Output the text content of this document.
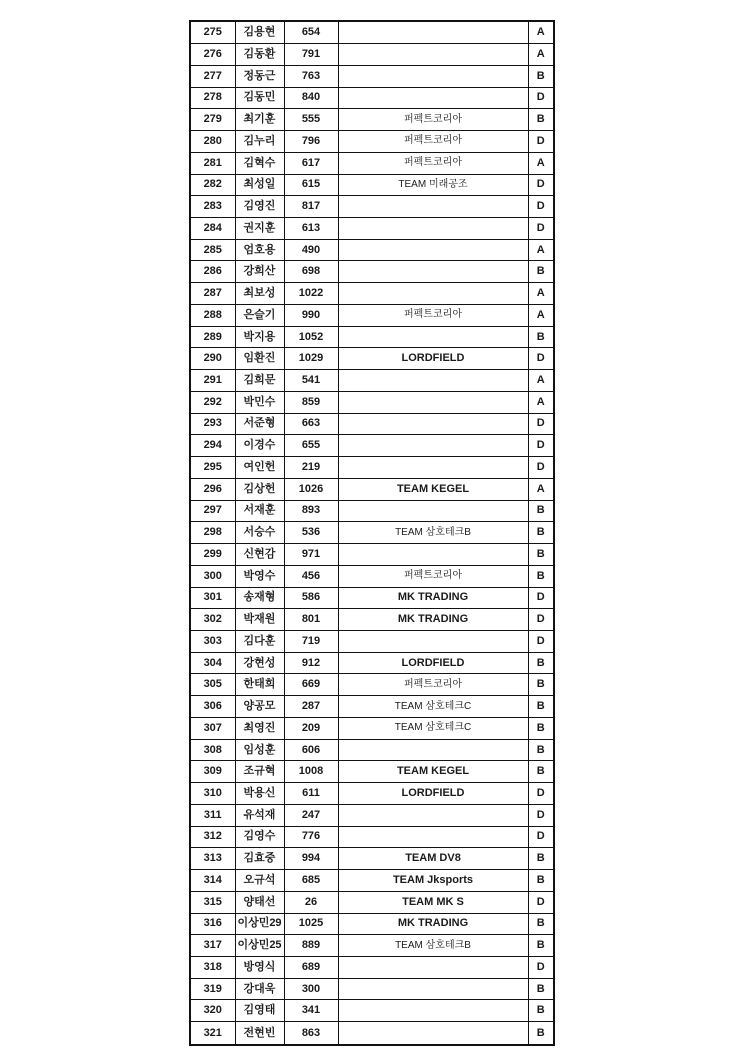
275	김용현	654		A
276	김동환	791		A
277	정동근	763		B
278	김동민	840		D
279	최기훈	555	퍼펙트코리아	B
280	김누리	796	퍼펙트코리아	D
281	김혁수	617	퍼펙트코리아	A
282	최성일	615	TEAM 미래공조	D
283	김영진	817		D
284	권지훈	613		D
285	엄호용	490		A
286	강희산	698		B
287	최보성	1022		A
288	은슬기	990	퍼펙트코리아	A
289	박지용	1052		B
290	임환진	1029	LORDFIELD	D
291	김희문	541		A
292	박민수	859		A
293	서준형	663		D
294	이경수	655		D
295	여인헌	219		D
296	김상헌	1026	TEAM KEGEL	A
297	서재훈	893		B
298	서승수	536	TEAM 삼호테크B	B
299	신현감	971		B
300	박영수	456	퍼펙트코리아	B
301	송재형	586	MK TRADING	D
302	박재원	801	MK TRADING	D
303	김다훈	719		D
304	강현성	912	LORDFIELD	B
305	한태희	669	퍼펙트코리아	B
306	양공모	287	TEAM 삼호테크C	B
307	최영진	209	TEAM 삼호테크C	B
308	임성훈	606		B
309	조규혁	1008	TEAM KEGEL	B
310	박용신	611	LORDFIELD	D
311	유석재	247		D
312	김영수	776		D
313	김효중	994	TEAM DV8	B
314	오규석	685	TEAM Jksports	B
315	양태선	26	TEAM MK S	D
316	이상민29	1025	MK TRADING	B
317	이상민25	889	TEAM 삼호테크B	B
318	방영식	689		D
319	강대욱	300		B
320	김영태	341		B
321	전현빈	863		B
